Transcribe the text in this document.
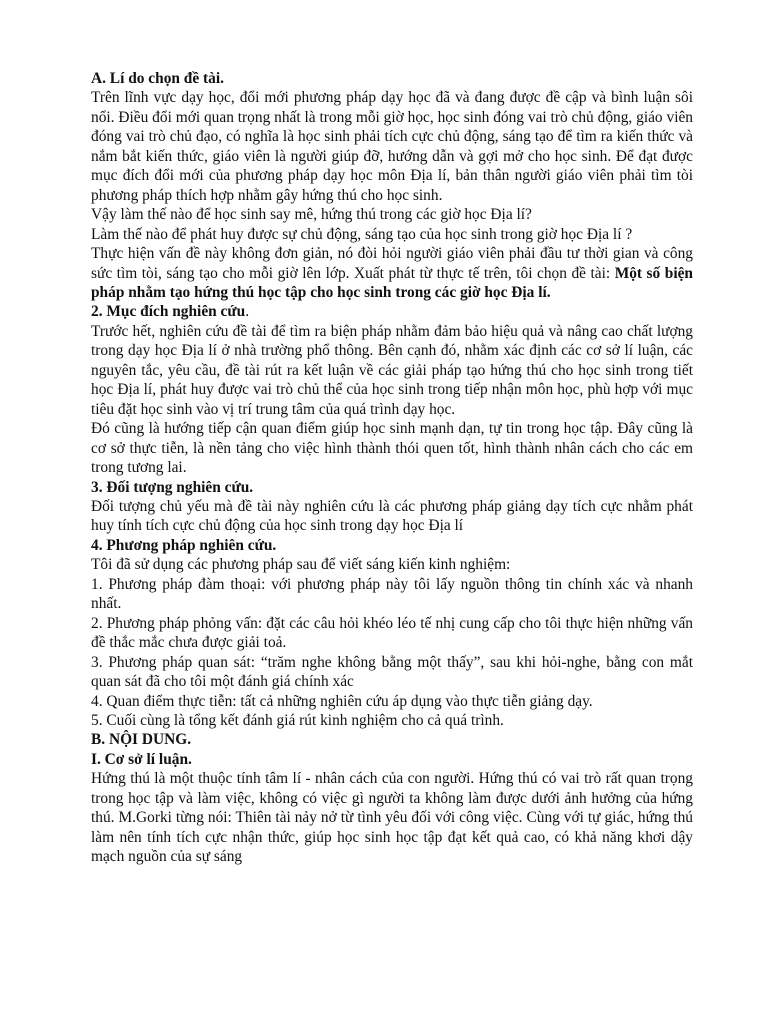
A. Lí do chọn đề tài.

Trên lĩnh vực dạy học, đổi mới phương pháp dạy học đã và đang được đề cập và bình luận sôi nổi. Điều đổi mới quan trọng nhất là trong mỗi giờ học, học sinh đóng vai trò chủ động, giáo viên đóng vai trò chủ đạo, có nghĩa là học sinh phải tích cực chủ động, sáng tạo để tìm ra kiến thức và nắm bắt kiến thức, giáo viên là người giúp đỡ, hướng dẫn và gợi mở cho học sinh. Để đạt được mục đích đổi mới của phương pháp dạy học môn Địa lí, bản thân người giáo viên phải tìm tòi phương pháp thích hợp nhằm gây hứng thú cho học sinh.

Vậy làm thế nào để học sinh say mê, hứng thú trong các giờ học Địa lí?

Làm thế nào để phát huy được sự chủ động, sáng tạo của học sinh trong giờ học Địa lí ?

Thực hiện vấn đề này không đơn giản, nó đòi hỏi người giáo viên phải đầu tư thời gian và công sức tìm tòi, sáng tạo cho mỗi giờ lên lớp. Xuất phát từ thực tế trên, tôi chọn đề tài: Một số biện pháp nhằm tạo hứng thú học tập cho học sinh trong các giờ học Địa lí.

2. Mục đích nghiên cứu.

Trước hết, nghiên cứu đề tài để tìm ra biện pháp nhằm đảm bảo hiệu quả và nâng cao chất lượng trong dạy học Địa lí ở nhà trường phổ thông. Bên cạnh đó, nhằm xác định các cơ sở lí luận, các nguyên tắc, yêu cầu, đề tài rút ra kết luận về các giải pháp tạo hứng thú cho học sinh trong tiết học Địa lí, phát huy được vai trò chủ thể của học sinh trong tiếp nhận môn học, phù hợp với mục tiêu đặt học sinh vào vị trí trung tâm của quá trình dạy học.

Đó cũng là hướng tiếp cận quan điểm giúp học sinh mạnh dạn, tự tin trong học tập. Đây cũng là cơ sở thực tiễn, là nền tảng cho việc hình thành thói quen tốt, hình thành nhân cách cho các em trong tương lai.

3. Đối tượng nghiên cứu.

Đối tượng chủ yếu mà đề tài này nghiên cứu là các phương pháp giảng dạy tích cực nhằm phát huy tính tích cực chủ động của học sinh trong dạy học Địa lí

4. Phương pháp nghiên cứu.

Tôi đã sử dụng các phương pháp sau để viết sáng kiến kinh nghiệm:

1. Phương pháp đàm thoại: với phương pháp này tôi lấy nguồn thông tin chính xác và nhanh nhất.

2. Phương pháp phỏng vấn: đặt các câu hỏi khéo léo tế nhị cung cấp cho tôi thực hiện những vấn đề thắc mắc chưa được giải toả.

3. Phương pháp quan sát: “trăm nghe không bằng một thấy”, sau khi hỏi-nghe, bằng con mắt quan sát đã cho tôi một đánh giá chính xác

4. Quan điểm thực tiễn: tất cả những nghiên cứu áp dụng vào thực tiễn giảng dạy.

5. Cuối cùng là tổng kết đánh giá rút kinh nghiệm cho cả quá trình.

B. NỘI DUNG.
I. Cơ sở lí luận.

Hứng thú là một thuộc tính tâm lí - nhân cách của con người. Hứng thú có vai trò rất quan trọng trong học tập và làm việc, không có việc gì người ta không làm được dưới ảnh hưởng của hứng thú. M.Gorki từng nói: Thiên tài nảy nở từ tình yêu đối với công việc. Cùng với tự giác, hứng thú làm nên tính tích cực nhận thức, giúp học sinh học tập đạt kết quả cao, có khả năng khơi dậy mạch nguồn của sự sáng
